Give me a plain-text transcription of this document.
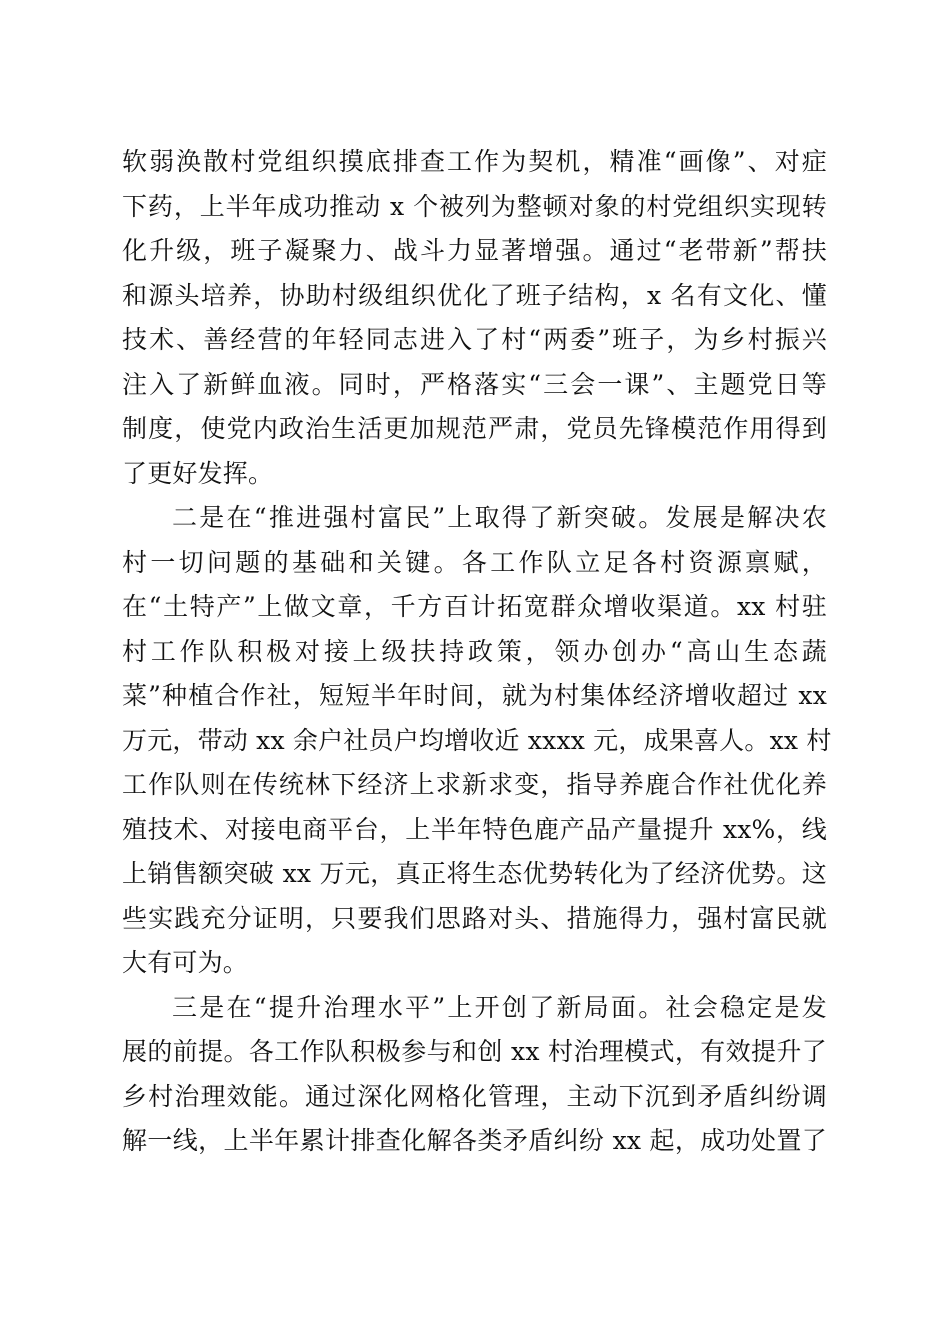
软弱涣散村党组织摸底排查工作为契机，精准“画像”、对症
下药，上半年成功推动 x 个被列为整顿对象的村党组织实现转
化升级，班子凝聚力、战斗力显著增强。通过“老带新”帮扶
和源头培养，协助村级组织优化了班子结构，x 名有文化、懂
技术、善经营的年轻同志进入了村“两委”班子，为乡村振兴
注入了新鲜血液。同时，严格落实“三会一课”、主题党日等
制度，使党内政治生活更加规范严肃，党员先锋模范作用得到
了更好发挥。
二是在“推进强村富民”上取得了新突破。发展是解决农
村一切问题的基础和关键。各工作队立足各村资源禀赋，
在“土特产”上做文章，千方百计拓宽群众增收渠道。xx 村驻
村工作队积极对接上级扶持政策，领办创办“高山生态蔬
菜”种植合作社，短短半年时间，就为村集体经济增收超过 xx
万元，带动 xx 余户社员户均增收近 xxxx 元，成果喜人。xx 村
工作队则在传统林下经济上求新求变，指导养鹿合作社优化养
殖技术、对接电商平台，上半年特色鹿产品产量提升 xx%，线
上销售额突破 xx 万元，真正将生态优势转化为了经济优势。这
些实践充分证明，只要我们思路对头、措施得力，强村富民就
大有可为。
三是在“提升治理水平”上开创了新局面。社会稳定是发
展的前提。各工作队积极参与和创 xx 村治理模式，有效提升了
乡村治理效能。通过深化网格化管理，主动下沉到矛盾纠纷调
解一线，上半年累计排查化解各类矛盾纠纷 xx 起，成功处置了
